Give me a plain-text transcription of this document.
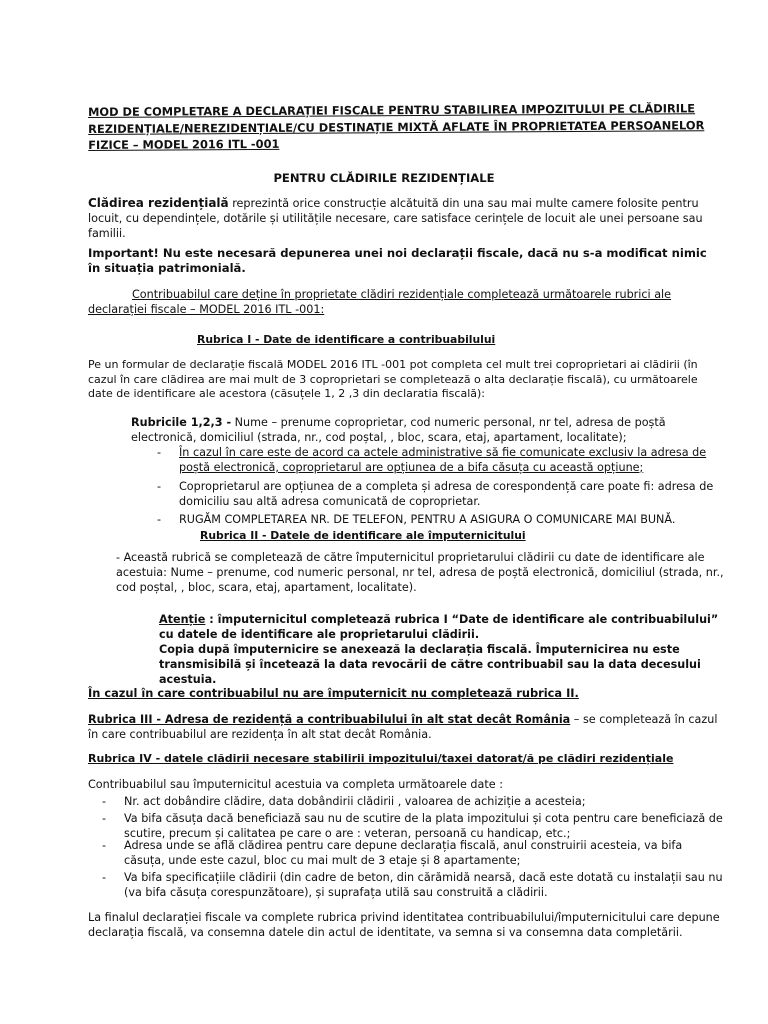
MOD DE COMPLETARE A DECLARAȚIEI FISCALE PENTRU STABILIREA IMPOZITULUI PE CLĂDIRILE REZIDENȚIALE/NEREZIDENȚIALE/CU DESTINAȚIE MIXTĂ AFLATE ÎN PROPRIETATEA PERSOANELOR FIZICE – MODEL 2016 ITL -001

PENTRU CLĂDIRILE REZIDENȚIALE

Clădirea rezidențială reprezintă orice construcție alcătuită din una sau mai multe camere folosite pentru locuit, cu dependințele, dotările și utilitățile necesare, care satisface cerințele de locuit ale unei persoane sau familii.

Important! Nu este necesară depunerea unei noi declarații fiscale, dacă nu s-a modificat nimic în situația patrimonială.

Contribuabilul care deține în proprietate clădiri rezidențiale completează următoarele rubrici ale declarației fiscale – MODEL 2016 ITL -001:

Rubrica I - Date de identificare a contribuabilului

Pe un formular de declarație fiscală MODEL 2016 ITL -001 pot completa cel mult trei coproprietari ai clădirii (în cazul în care clădirea are mai mult de 3 coproprietari se completează o alta declarație fiscală), cu următoarele date de identificare ale acestora (căsuțele 1, 2 ,3 din declaratia fiscală):

Rubricile 1,2,3 - Nume – prenume coproprietar, cod numeric personal, nr tel, adresa de poștă electronică, domiciliul (strada, nr., cod poștal, , bloc, scara, etaj, apartament, localitate);

- În cazul în care este de acord ca actele administrative să fie comunicate exclusiv la adresa de poștă electronică, coproprietarul are opțiunea de a bifa căsuța cu această opțiune;
- Coproprietarul are opțiunea de a completa și adresa de corespondență care poate fi: adresa de domiciliu sau altă adresa comunicată de coproprietar.
- RUGĂM COMPLETAREA NR. DE TELEFON, PENTRU A ASIGURA O COMUNICARE MAI BUNĂ.

Rubrica II - Datele de identificare ale împuternicitului

- Această rubrică se completează de către împuternicitul proprietarului clădirii cu date de identificare ale acestuia: Nume – prenume, cod numeric personal, nr tel, adresa de poștă electronică, domiciliul (strada, nr., cod poștal, , bloc, scara, etaj, apartament, localitate).

Atenție : împuternicitul completează rubrica I “Date de identificare ale contribuabilului” cu datele de identificare ale proprietarului clădirii.

Copia după împuternicire se anexează la declarația fiscală. Împuternicirea nu este transmisibilă și încetează la data revocării de către contribuabil sau la data decesului acestuia.

În cazul în care contribuabilul nu are împuternicit nu completează rubrica II.

Rubrica III - Adresa de rezidență a contribuabilului în alt stat decât România – se completează în cazul în care contribuabilul are rezidența în alt stat decât România.

Rubrica IV - datele clădirii necesare stabilirii impozitului/taxei datorat/ă pe clădiri rezidențiale

Contribuabilul sau împuternicitul acestuia va completa următoarele date :

- Nr. act dobândire clădire, data dobândirii clădirii , valoarea de achiziție a acesteia;
- Va bifa căsuța dacă beneficiază sau nu de scutire de la plata impozitului și cota pentru care beneficiază de scutire, precum și calitatea pe care o are : veteran, persoană cu handicap, etc.;
- Adresa unde se află clădirea pentru care depune declarația fiscală, anul construirii acesteia, va bifa căsuța, unde este cazul, bloc cu mai mult de 3 etaje și 8 apartamente;
- Va bifa specificațiile clădirii (din cadre de beton, din cărămidă nearsă, dacă este dotată cu instalații sau nu (va bifa căsuța corespunzătoare), și suprafața utilă sau construită a clădirii.

La finalul declarației fiscale va complete rubrica privind identitatea contribuabilului/împuternicitului care depune declarația fiscală, va consemna datele din actul de identitate, va semna si va consemna data completării.
